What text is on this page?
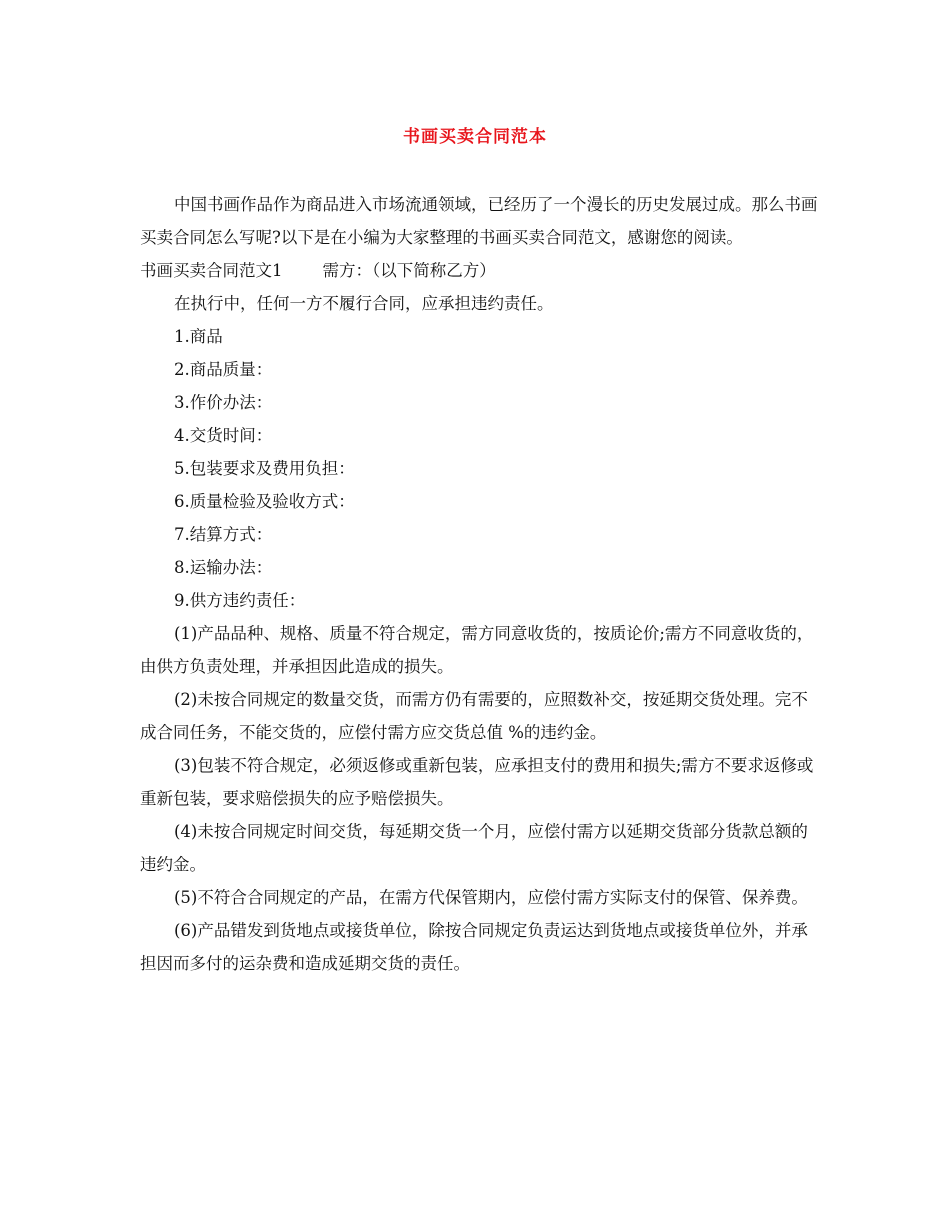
书画买卖合同范本

中国书画作品作为商品进入市场流通领域，已经历了一个漫长的历史发展过成。那么书画买卖合同怎么写呢?以下是在小编为大家整理的书画买卖合同范文，感谢您的阅读。

书画买卖合同范文1 需方：（以下简称乙方）

在执行中，任何一方不履行合同，应承担违约责任。

1.商品

2.商品质量：

3.作价办法：

4.交货时间：

5.包装要求及费用负担：

6.质量检验及验收方式：

7.结算方式：

8.运输办法：

9.供方违约责任：

(1)产品品种、规格、质量不符合规定，需方同意收货的，按质论价;需方不同意收货的，由供方负责处理，并承担因此造成的损失。

(2)未按合同规定的数量交货，而需方仍有需要的，应照数补交，按延期交货处理。完不成合同任务，不能交货的，应偿付需方应交货总值 %的违约金。

(3)包装不符合规定，必须返修或重新包装，应承担支付的费用和损失;需方不要求返修或重新包装，要求赔偿损失的应予赔偿损失。

(4)未按合同规定时间交货，每延期交货一个月，应偿付需方以延期交货部分货款总额的违约金。

(5)不符合合同规定的产品，在需方代保管期内，应偿付需方实际支付的保管、保养费。

(6)产品错发到货地点或接货单位，除按合同规定负责运达到货地点或接货单位外，并承担因而多付的运杂费和造成延期交货的责任。
